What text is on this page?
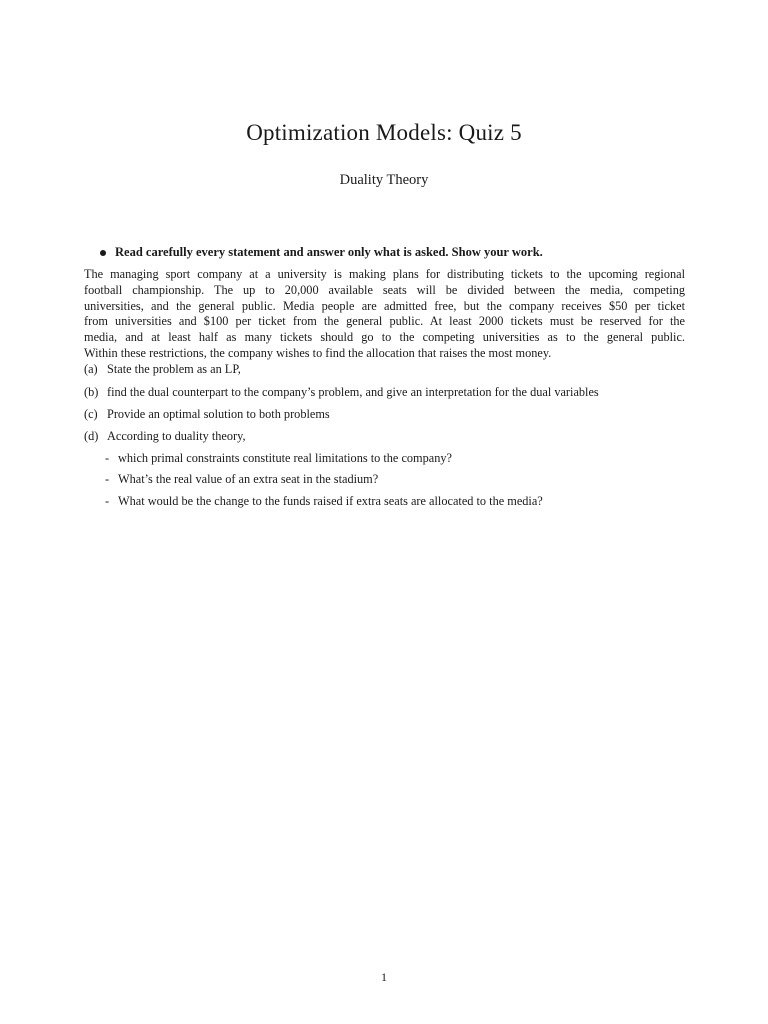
Optimization Models: Quiz 5
Duality Theory
Read carefully every statement and answer only what is asked. Show your work.
The managing sport company at a university is making plans for distributing tickets to the upcoming regional
football championship. The up to 20,000 available seats will be divided between the media, competing
universities, and the general public. Media people are admitted free, but the company receives $50 per ticket
from universities and $100 per ticket from the general public. At least 2000 tickets must be reserved for the
media, and at least half as many tickets should go to the competing universities as to the general public.
Within these restrictions, the company wishes to find the allocation that raises the most money.
(a) State the problem as an LP,
(b) find the dual counterpart to the company’s problem, and give an interpretation for the dual variables
(c) Provide an optimal solution to both problems
(d) According to duality theory,
- which primal constraints constitute real limitations to the company?
- What’s the real value of an extra seat in the stadium?
- What would be the change to the funds raised if extra seats are allocated to the media?
1
